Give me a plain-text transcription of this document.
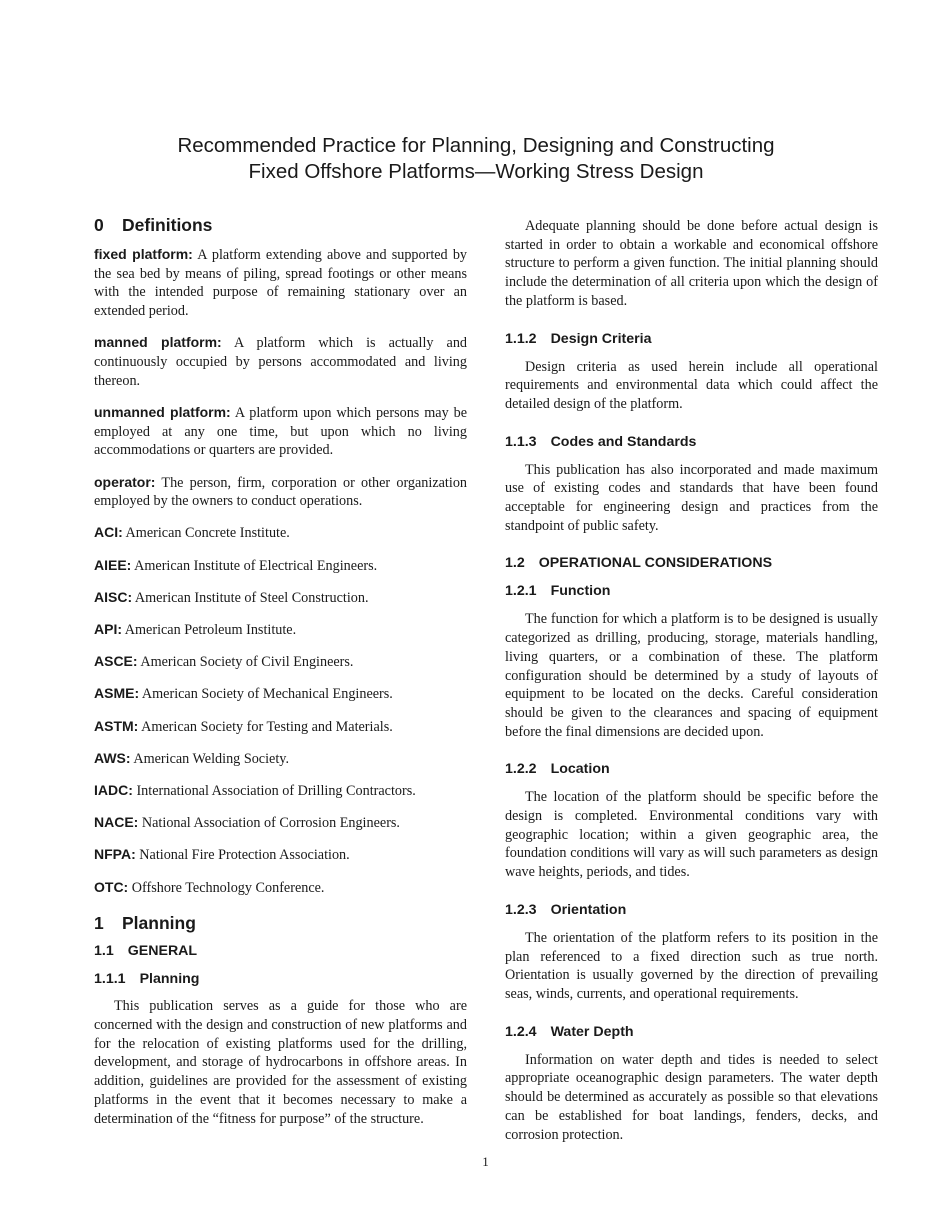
Recommended Practice for Planning, Designing and Constructing
Fixed Offshore Platforms—Working Stress Design
0 Definitions

fixed platform: A platform extending above and supported by the sea bed by means of piling, spread footings or other means with the intended purpose of remaining stationary over an extended period.

manned platform: A platform which is actually and continuously occupied by persons accommodated and living thereon.

unmanned platform: A platform upon which persons may be employed at any one time, but upon which no living accommodations or quarters are provided.

operator: The person, firm, corporation or other organization employed by the owners to conduct operations.

ACI: American Concrete Institute.

AIEE: American Institute of Electrical Engineers.

AISC: American Institute of Steel Construction.

API: American Petroleum Institute.

ASCE: American Society of Civil Engineers.

ASME: American Society of Mechanical Engineers.

ASTM: American Society for Testing and Materials.

AWS: American Welding Society.

IADC: International Association of Drilling Contractors.

NACE: National Association of Corrosion Engineers.

NFPA: National Fire Protection Association.

OTC: Offshore Technology Conference.

1 Planning
1.1 GENERAL
1.1.1 Planning

This publication serves as a guide for those who are concerned with the design and construction of new platforms and for the relocation of existing platforms used for the drilling, development, and storage of hydrocarbons in offshore areas. In addition, guidelines are provided for the assessment of existing platforms in the event that it becomes necessary to make a determination of the “fitness for purpose” of the structure.

Adequate planning should be done before actual design is started in order to obtain a workable and economical offshore structure to perform a given function. The initial planning should include the determination of all criteria upon which the design of the platform is based.

1.1.2 Design Criteria

Design criteria as used herein include all operational requirements and environmental data which could affect the detailed design of the platform.

1.1.3 Codes and Standards

This publication has also incorporated and made maximum use of existing codes and standards that have been found acceptable for engineering design and practices from the standpoint of public safety.

1.2 OPERATIONAL CONSIDERATIONS
1.2.1 Function

The function for which a platform is to be designed is usually categorized as drilling, producing, storage, materials handling, living quarters, or a combination of these. The platform configuration should be determined by a study of layouts of equipment to be located on the decks. Careful consideration should be given to the clearances and spacing of equipment before the final dimensions are decided upon.

1.2.2 Location

The location of the platform should be specific before the design is completed. Environmental conditions vary with geographic location; within a given geographic area, the foundation conditions will vary as will such parameters as design wave heights, periods, and tides.

1.2.3 Orientation

The orientation of the platform refers to its position in the plan referenced to a fixed direction such as true north. Orientation is usually governed by the direction of prevailing seas, winds, currents, and operational requirements.

1.2.4 Water Depth

Information on water depth and tides is needed to select appropriate oceanographic design parameters. The water depth should be determined as accurately as possible so that elevations can be established for boat landings, fenders, decks, and corrosion protection.

1
